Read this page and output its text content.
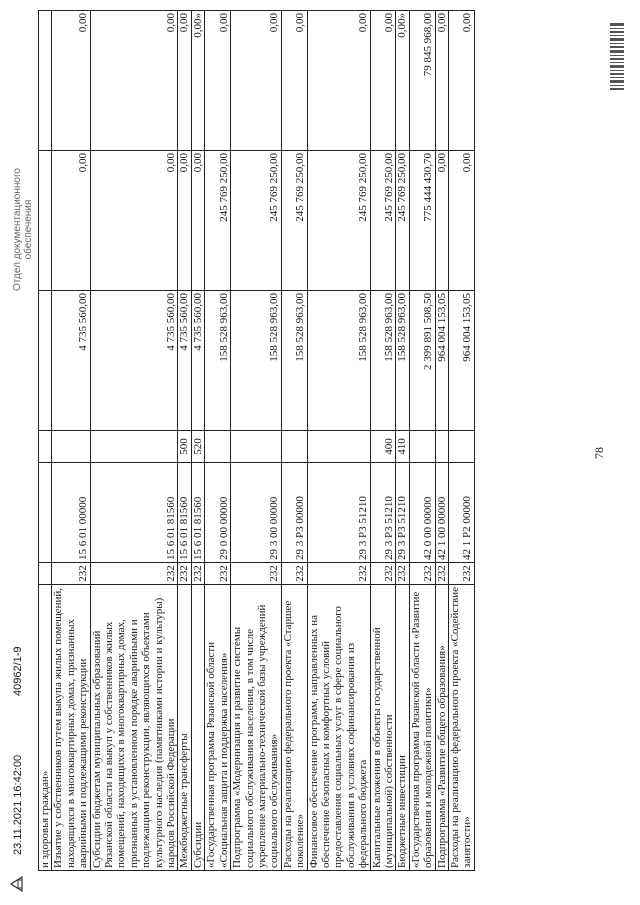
23.11.2021 16:42:00
40962/1-9
Отдел документационного обеспечения
и здоровья граждан»						
Изъятие у собственников путем выкупа жилых помещений, находящихся в многоквартирных домах, признанных аварийными и подлежащими реконструкции	232	15 6 01 00000		4 735 560,00	0,00	0,00
Субсидии бюджетам муниципальных образований Рязанской области на выкуп у собственников жилых помещений, находящихся в многоквартирных домах, признанных в установленном порядке аварийными и подлежащими реконструкции, являющихся объектами культурного наследия (памятниками истории и культуры) народов Российской Федерации	232	15 6 01 81560		4 735 560,00	0,00	0,00
Межбюджетные трансферты	232	15 6 01 81560	500	4 735 560,00	0,00	0,00
Субсидии	232	15 6 01 81560	520	4 735 560,00	0,00	0,00»
«Государственная программа Рязанской области «Социальная защита и поддержка населения»	232	29 0 00 00000		158 528 963,00	245 769 250,00	0,00
Подпрограмма «Модернизация и развитие системы социального обслуживания населения, в том числе укрепление материально-технической базы учреждений социального обслуживания»	232	29 3 00 00000		158 528 963,00	245 769 250,00	0,00
Расходы на реализацию федерального проекта «Старшее поколение»	232	29 3 P3 00000		158 528 963,00	245 769 250,00	0,00
Финансовое обеспечение программ, направленных на обеспечение безопасных и комфортных условий предоставления социальных услуг в сфере социального обслуживания в условиях софинансирования из федерального бюджета	232	29 3 P3 51210		158 528 963,00	245 769 250,00	0,00
Капитальные вложения в объекты государственной (муниципальной) собственности	232	29 3 P3 51210	400	158 528 963,00	245 769 250,00	0,00
Бюджетные инвестиции	232	29 3 P3 51210	410	158 528 963,00	245 769 250,00	0,00»
«Государственная программа Рязанской области «Развитие образования и молодежной политики»	232	42 0 00 00000		2 399 891 508,50	775 444 430,70	79 845 968,00
Подпрограмма «Развитие общего образования»	232	42 1 00 00000		964 004 153,05	0,00	0,00
Расходы на реализацию федерального проекта «Содействие занятости»	232	42 1 P2 00000		964 004 153,05	0,00	0,00
78
